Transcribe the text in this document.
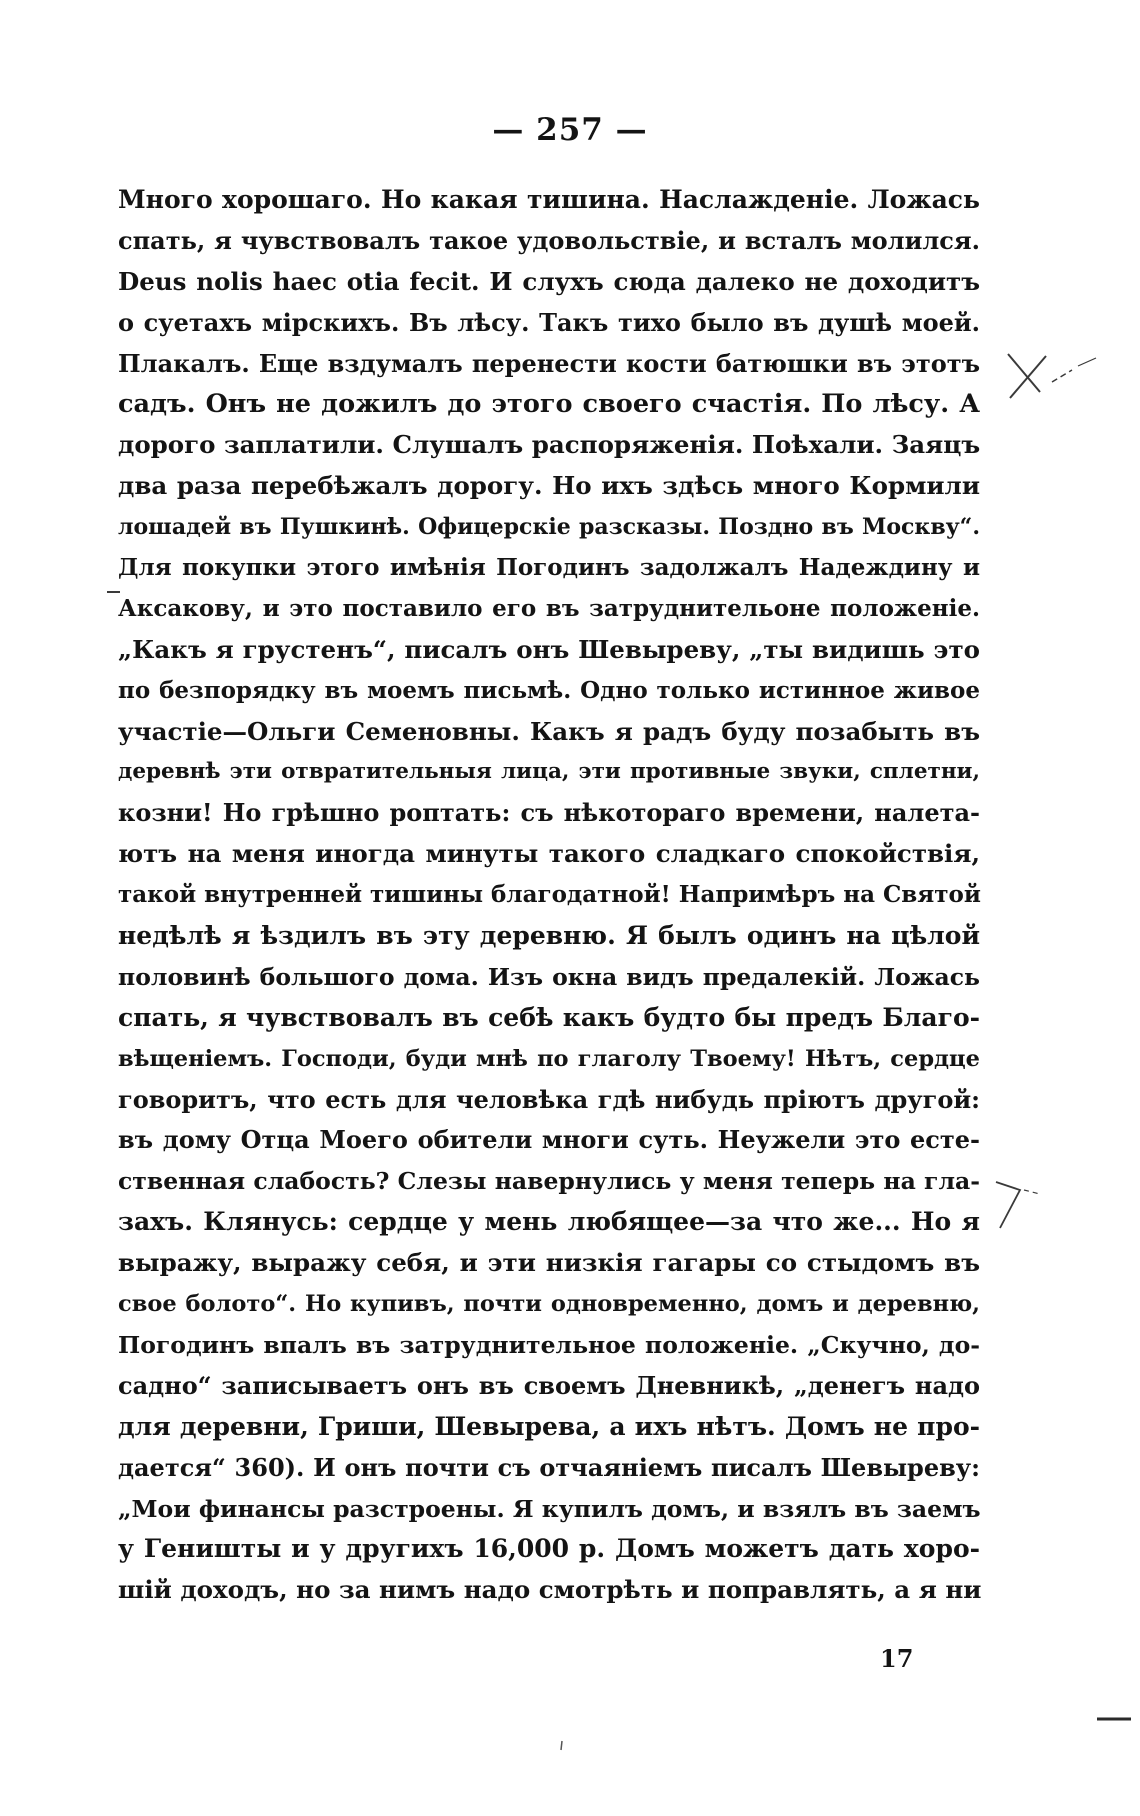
— 257 —
Много хорошаго. Но какая тишина. Наслажденіе. Ложась
спать, я чувствовалъ такое удовольствіе, и всталъ молился.
Deus nolis haec otia fecit. И слухъ сюда далеко не доходитъ
о суетахъ мірскихъ. Въ лѣсу. Такъ тихо было въ душѣ моей.
Плакалъ. Еще вздумалъ перенести кости батюшки въ этотъ
садъ. Онъ не дожилъ до этого своего счастія. По лѣсу. А
дорого заплатили. Слушалъ распоряженія. Поѣхали. Заяцъ
два раза перебѣжалъ дорогу. Но ихъ здѣсь много Кормили
лошадей въ Пушкинѣ. Офицерскіе разсказы. Поздно въ Москву“.
Для покупки этого имѣнія Погодинъ задолжалъ Надеждину и
Аксакову, и это поставило его въ затруднительоне положеніе.
„Какъ я грустенъ“, писалъ онъ Шевыреву, „ты видишь это
по безпорядку въ моемъ письмѣ. Одно только истинное живое
участіе—Ольги Семеновны. Какъ я радъ буду позабыть въ
деревнѣ эти отвратительныя лица, эти противные звуки, сплетни,
козни! Но грѣшно роптать: съ нѣкотораго времени, налета-
ютъ на меня иногда минуты такого сладкаго спокойствія,
такой внутренней тишины благодатной! Напримѣръ на Святой
недѣлѣ я ѣздилъ въ эту деревню. Я былъ одинъ на цѣлой
половинѣ большого дома. Изъ окна видъ предалекій. Ложась
спать, я чувствовалъ въ себѣ какъ будто бы предъ Благо-
вѣщеніемъ. Господи, буди мнѣ по глаголу Твоему! Нѣтъ, сердце
говоритъ, что есть для человѣка гдѣ нибудь пріютъ другой:
въ дому Отца Моего обители многи суть. Неужели это есте-
ственная слабость? Слезы навернулись у меня теперь на гла-
захъ. Клянусь: сердце у мень любящее—за что же... Но я
выражу, выражу себя, и эти низкія гагары со стыдомъ въ
свое болото“. Но купивъ, почти одновременно, домъ и деревню,
Погодинъ впалъ въ затруднительное положеніе. „Скучно, до-
садно“ записываетъ онъ въ своемъ Дневникѣ, „денегъ надо
для деревни, Гриши, Шевырева, а ихъ нѣтъ. Домъ не про-
дается“ 360). И онъ почти съ отчаяніемъ писалъ Шевыреву:
„Мои финансы разстроены. Я купилъ домъ, и взялъ въ заемъ
у Геништы и у другихъ 16,000 р. Домъ можетъ дать хоро-
шій доходъ, но за нимъ надо смотрѣть и поправлять, а я ни
17
